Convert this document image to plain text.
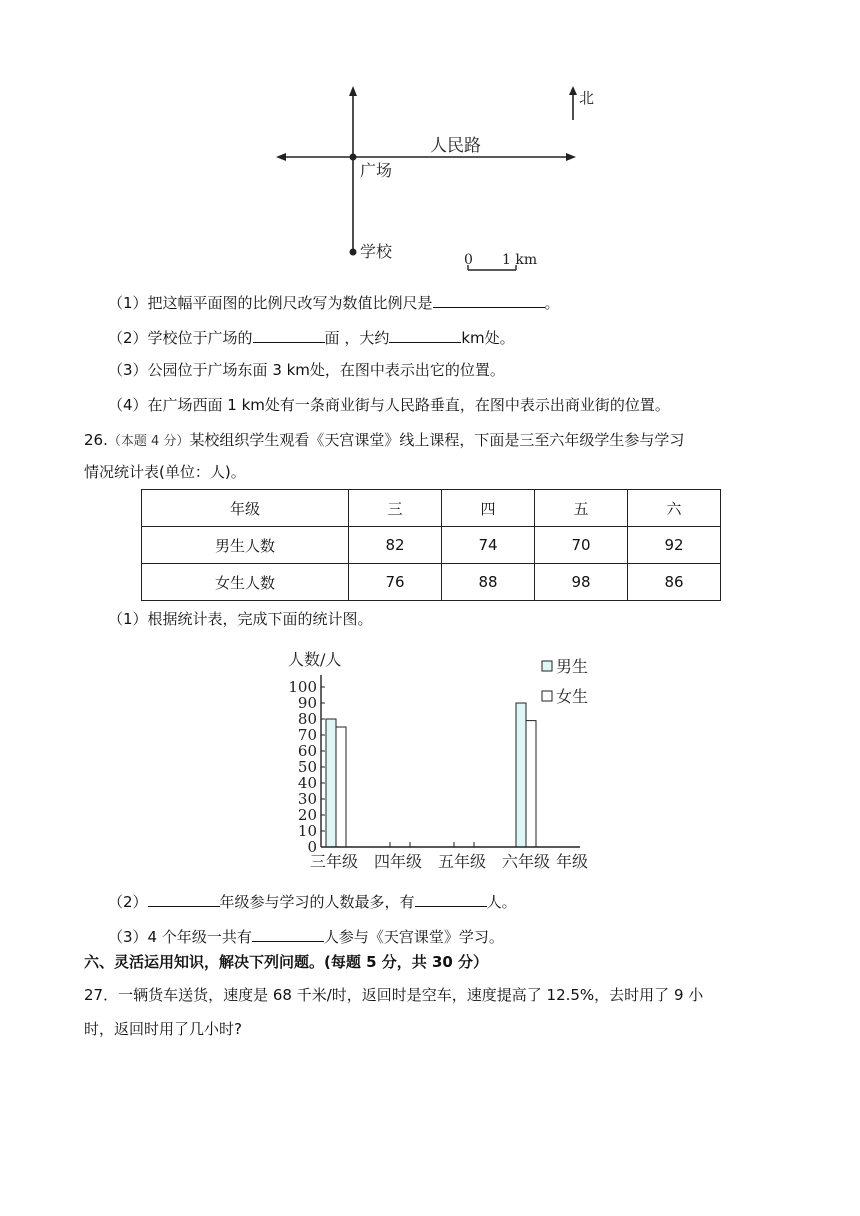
人民路
广场
学校
北
0 1 km
（1）把这幅平面图的比例尺改写为数值比例尺是	。
（2）学校位于广场的	面 ，大约	km处。
（3）公园位于广场东面 3 km处，在图中表示出它的位置。
（4）在广场西面 1 km处有一条商业街与人民路垂直，在图中表示出商业街的位置。
26.（本题 4 分）某校组织学生观看《天宫课堂》线上课程，下面是三至六年级学生参与学习
情况统计表(单位：人)。
年级	三	四	五	六
男生人数	82	74	70	92
女生人数	76	88	98	86
（1）根据统计表，完成下面的统计图。
人数/人
0
10
20
30
40
50
60
70
80
90
100
三年级 四年级 五年级 六年级
男生
女生
年级
（2）	年级参与学习的人数最多，有	人。
（3）4 个年级一共有	人参与《天宫课堂》学习。
六、灵活运用知识，解决下列问题。(每题 5 分，共 30 分）
27．一辆货车送货，速度是 68 千米/时，返回时是空车，速度提高了 12.5%，去时用了 9 小
时，返回时用了几小时?
